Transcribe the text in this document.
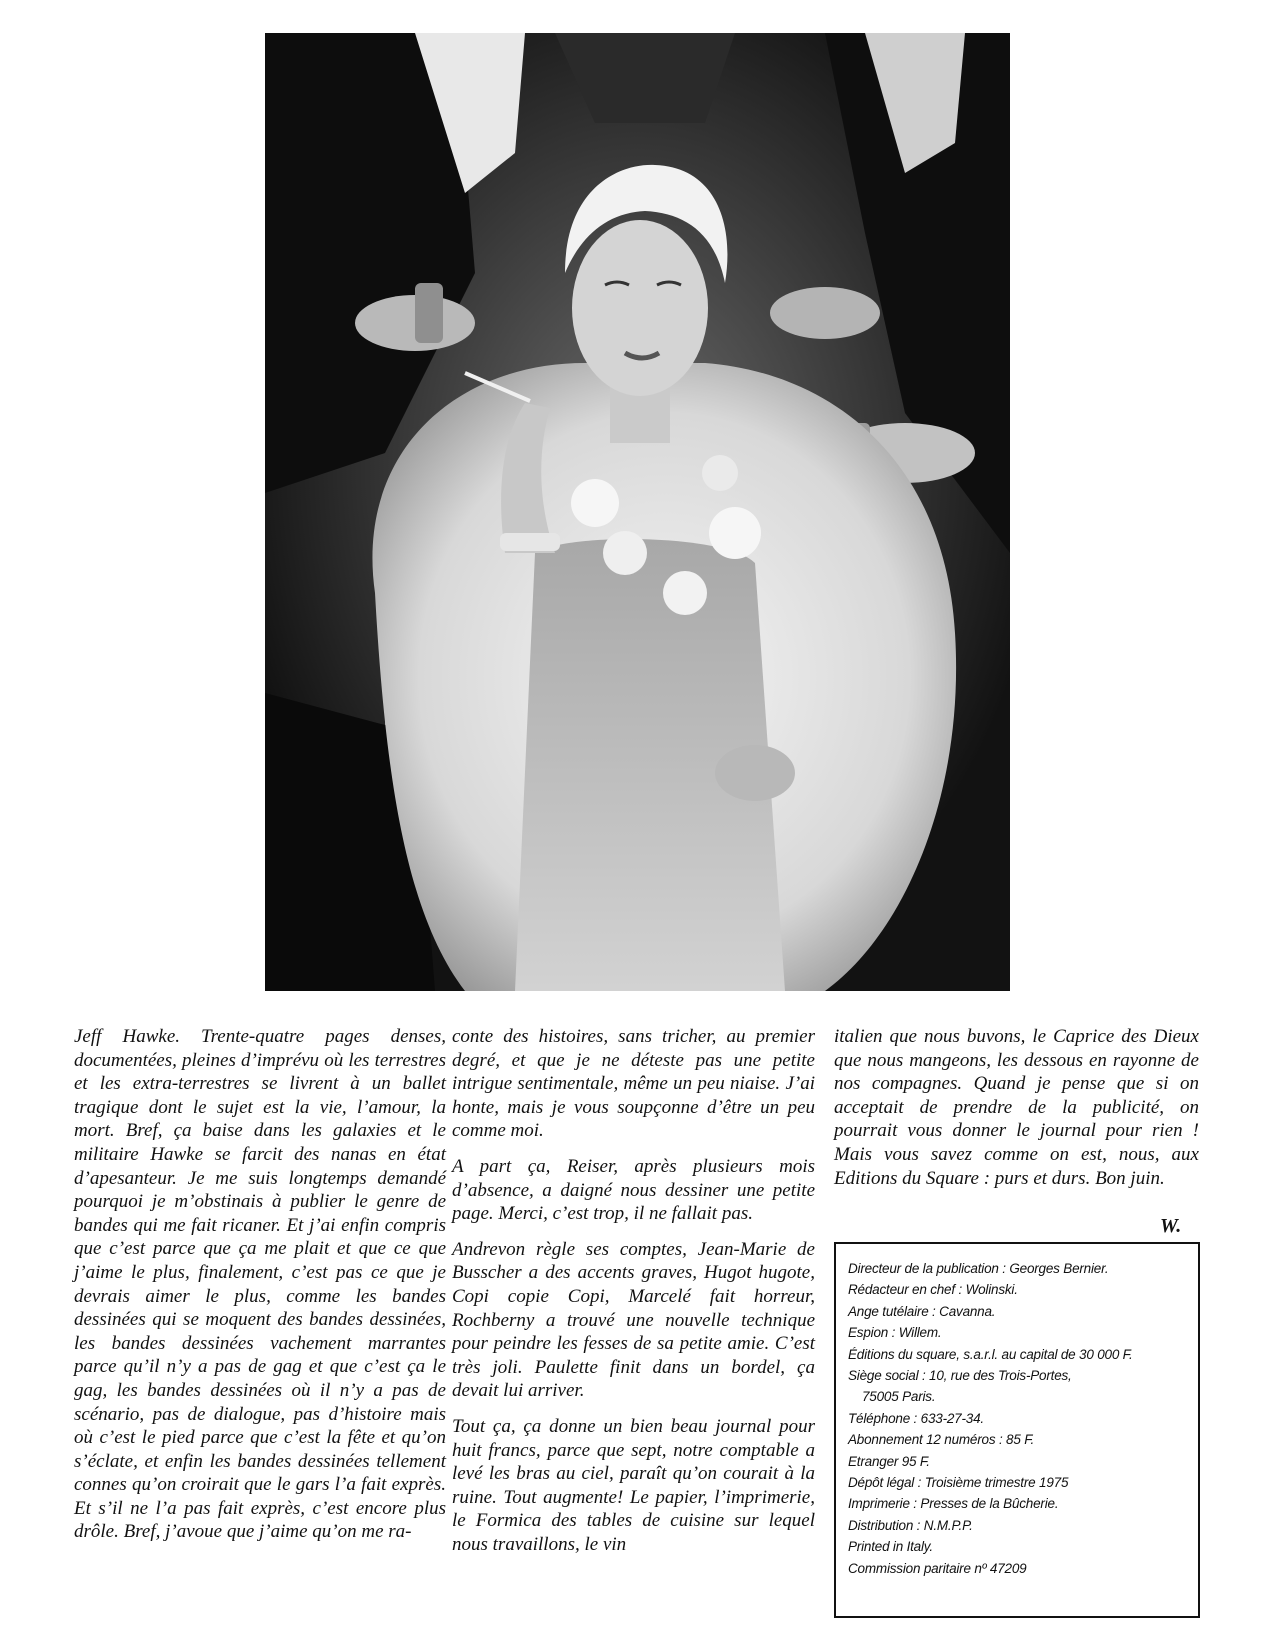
Jeff Hawke. Trente-quatre pages denses, documentées, pleines d’imprévu où les terrestres et les extra-terrestres se livrent à un ballet tragique dont le sujet est la vie, l’amour, la mort. Bref, ça baise dans les galaxies et le militaire Hawke se farcit des nanas en état d’apesanteur. Je me suis longtemps demandé pourquoi je m’obstinais à publier le genre de bandes qui me fait ricaner. Et j’ai enfin compris que c’est parce que ça me plait et que ce que j’aime le plus, finalement, c’est pas ce que je devrais aimer le plus, comme les bandes dessinées qui se moquent des bandes dessinées, les bandes dessinées vachement marrantes parce qu’il n’y a pas de gag et que c’est ça le gag, les bandes dessinées où il n’y a pas de scénario, pas de dialogue, pas d’histoire mais où c’est le pied parce que c’est la fête et qu’on s’éclate, et enfin les bandes dessinées tellement connes qu’on croirait que le gars l’a fait exprès. Et s’il ne l’a pas fait exprès, c’est encore plus drôle. Bref, j’avoue que j’aime qu’on me ra-

conte des histoires, sans tricher, au premier degré, et que je ne déteste pas une petite intrigue sentimentale, même un peu niaise. J’ai honte, mais je vous soupçonne d’être un peu comme moi.

A part ça, Reiser, après plusieurs mois d’absence, a daigné nous dessiner une petite page. Merci, c’est trop, il ne fallait pas.

Andrevon règle ses comptes, Jean-Marie de Busscher a des accents graves, Hugot hugote, Copi copie Copi, Marcelé fait horreur, Rochberny a trouvé une nouvelle technique pour peindre les fesses de sa petite amie. C’est très joli. Paulette finit dans un bordel, ça devait lui arriver.

Tout ça, ça donne un bien beau journal pour huit francs, parce que sept, notre comptable a levé les bras au ciel, paraît qu’on courait à la ruine. Tout augmente! Le papier, l’imprimerie, le Formica des tables de cuisine sur lequel nous travaillons, le vin

italien que nous buvons, le Caprice des Dieux que nous mangeons, les dessous en rayonne de nos compagnes. Quand je pense que si on acceptait de prendre de la publicité, on pourrait vous donner le journal pour rien ! Mais vous savez comme on est, nous, aux Editions du Square : purs et durs. Bon juin.

W.
Directeur de la publication : Georges Bernier.
Rédacteur en chef : Wolinski.
Ange tutélaire : Cavanna.
Espion : Willem.
Éditions du square, s.a.r.l. au capital de 30 000 F.
Siège social : 10, rue des Trois-Portes,
75005 Paris.
Téléphone : 633-27-34.
Abonnement 12 numéros : 85 F.
Etranger 95 F.
Dépôt légal : Troisième trimestre 1975
Imprimerie : Presses de la Bûcherie.
Distribution : N.M.P.P.
Printed in Italy.
Commission paritaire nº 47209
